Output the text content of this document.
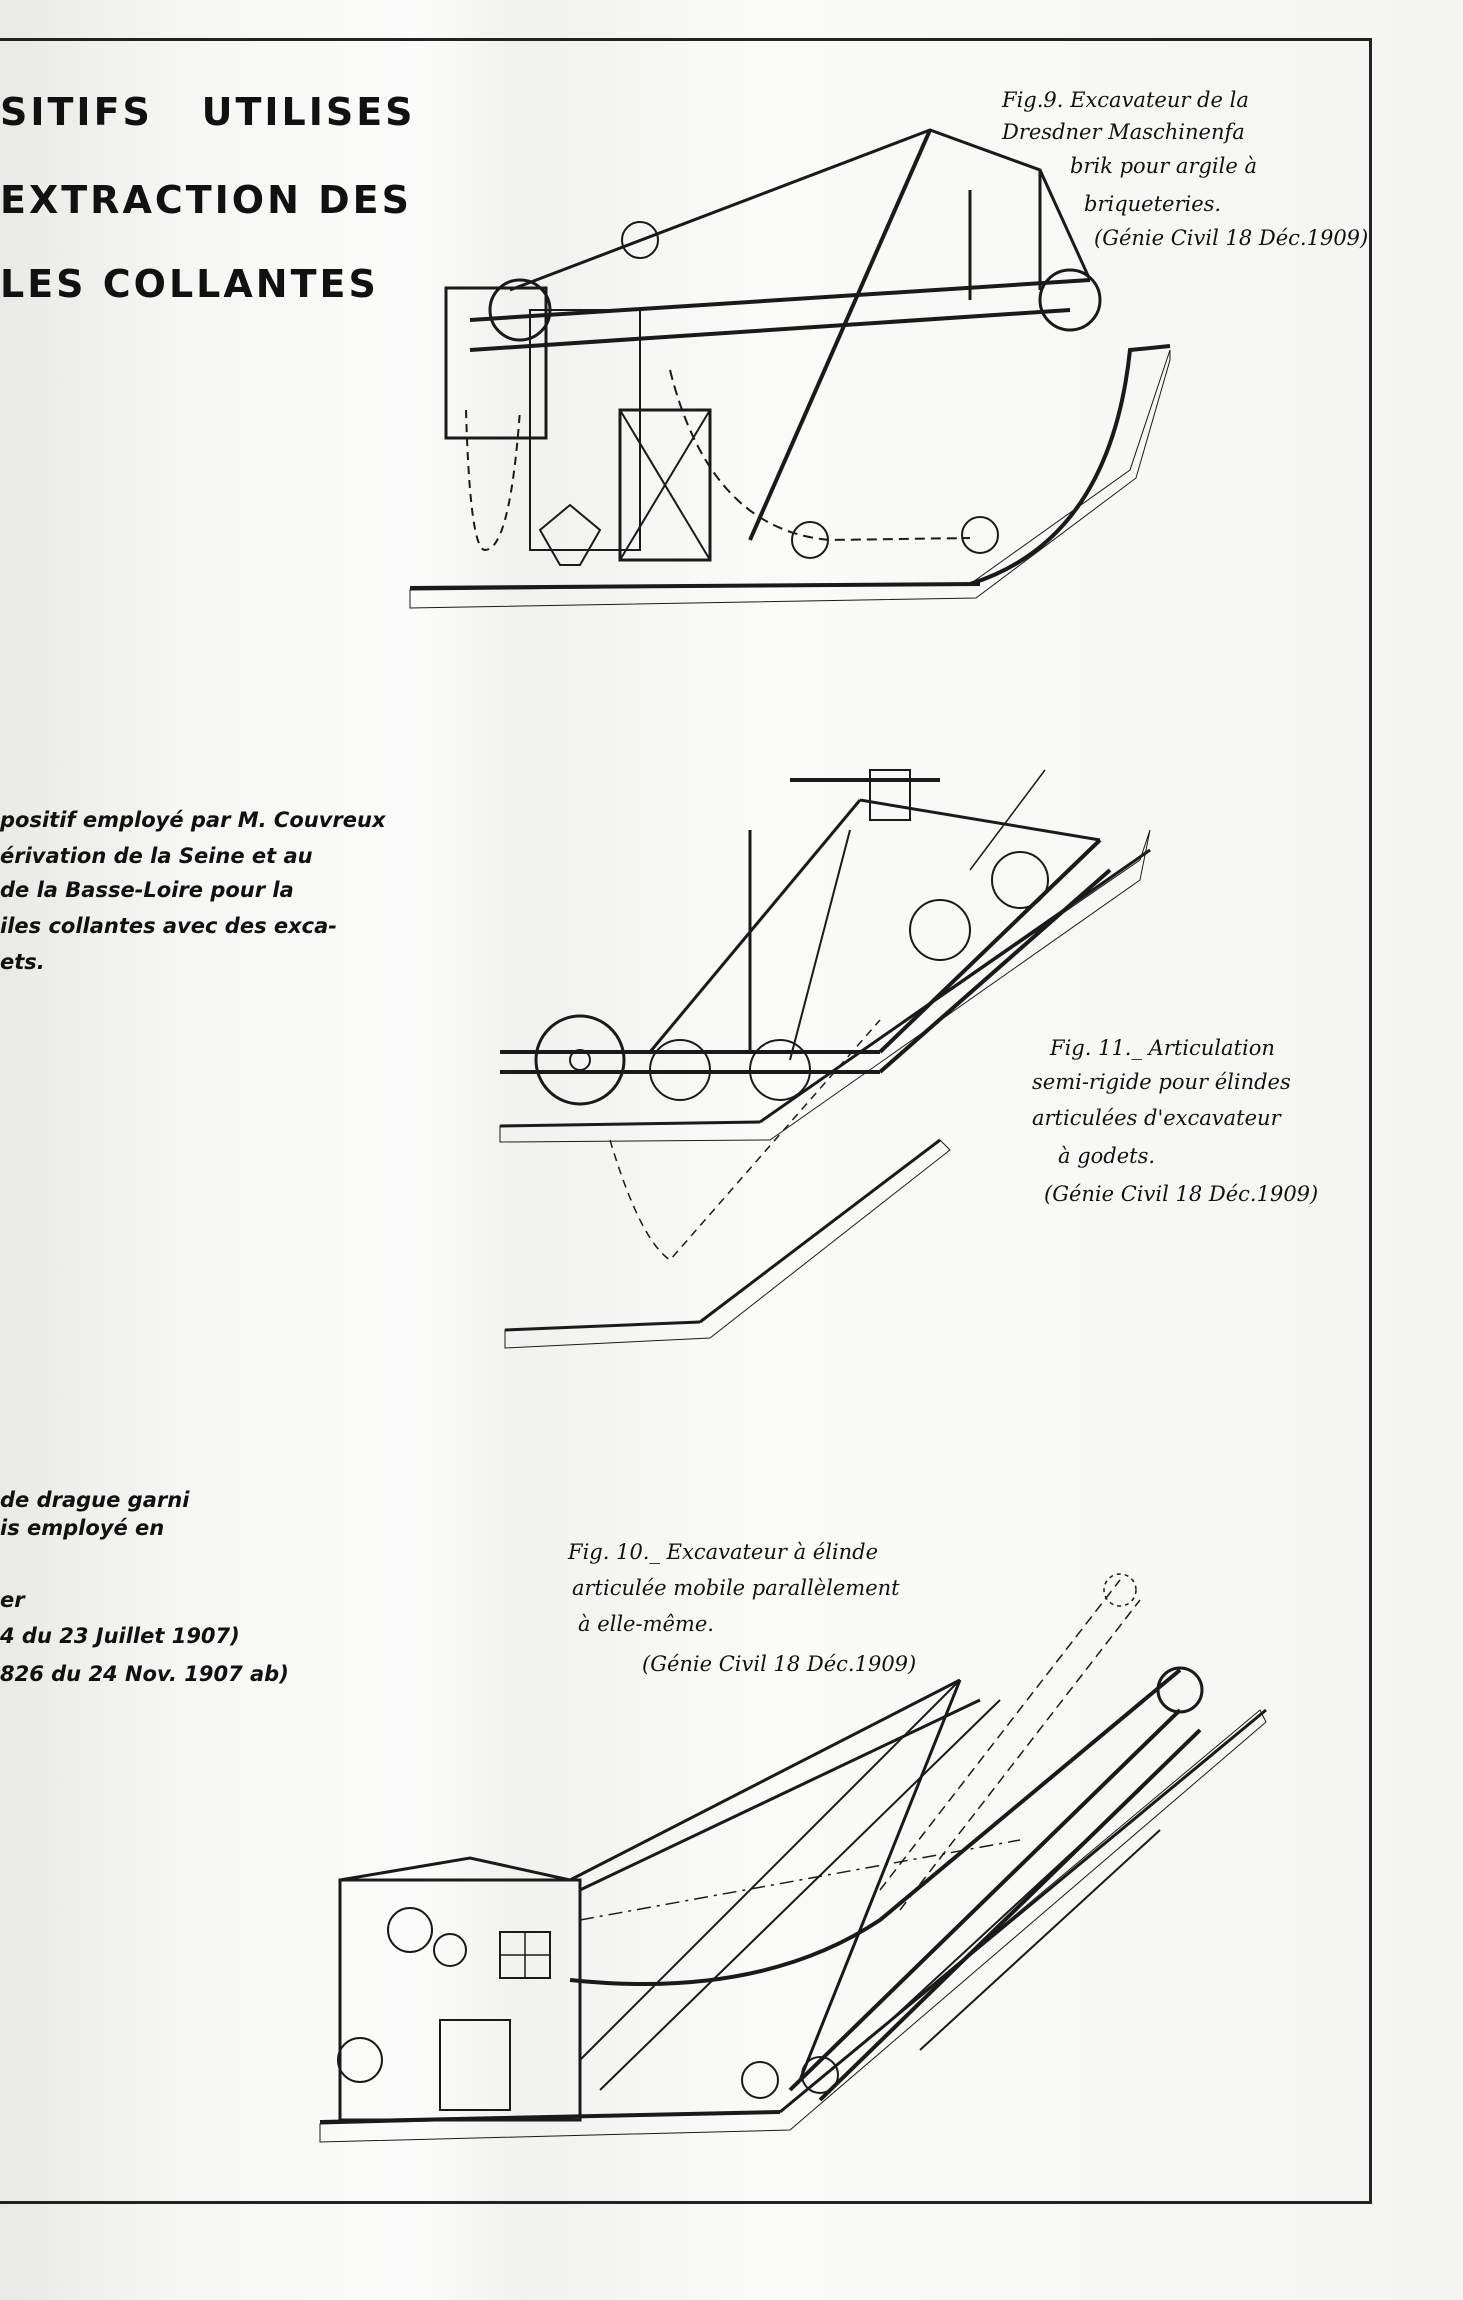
SITIFS   UTILISES
EXTRACTION DES
LES COLLANTES
Fig.9. Excavateur de la
Dresdner Maschinenfa
brik pour argile à
briqueteries.
(Génie Civil 18 Déc.1909)
positif employé par M. Couvreux
érivation de la Seine et au
de la Basse-Loire pour la
iles collantes avec des exca-
ets.
Fig. 11._ Articulation
semi-rigide pour élindes
articulées d'excavateur
à godets.
(Génie Civil 18 Déc.1909)
de drague garni
is employé en
er
4 du 23 Juillet 1907)
826 du 24 Nov. 1907 ab)
Fig. 10._ Excavateur à élinde
articulée mobile parallèlement
à elle-même.
(Génie Civil 18 Déc.1909)
